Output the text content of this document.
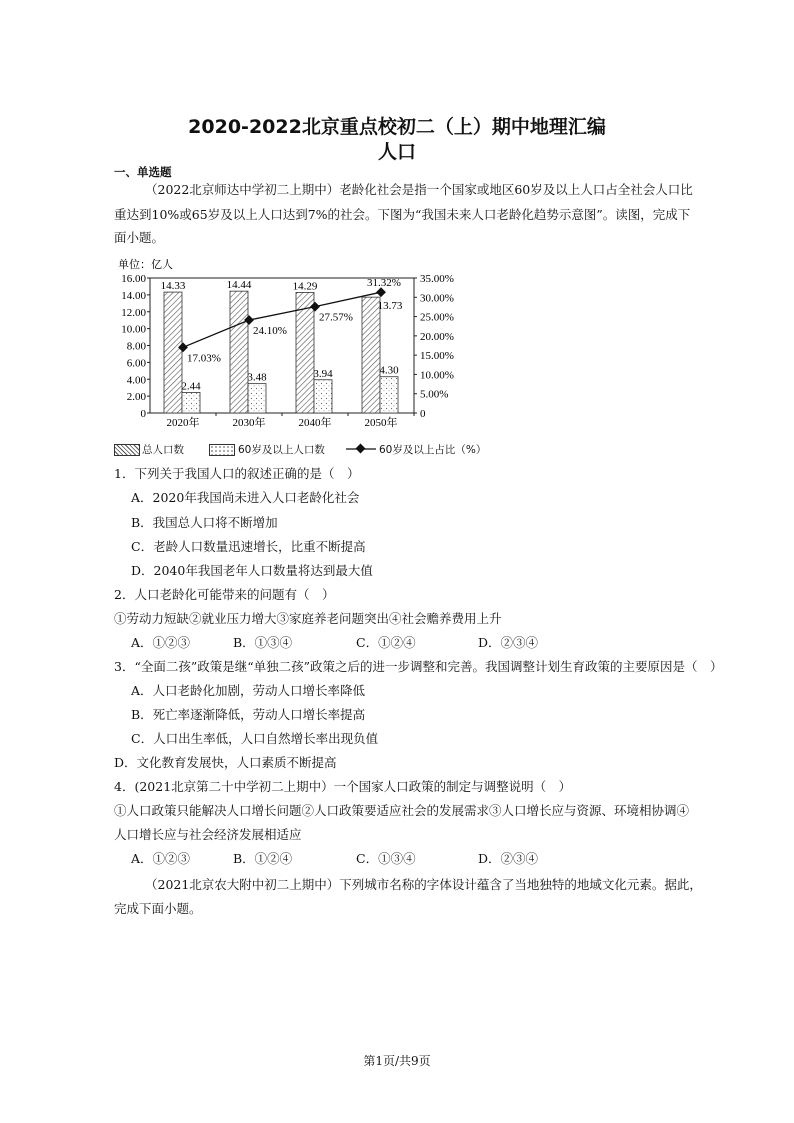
2020-2022北京重点校初二（上）期中地理汇编
人口
一、单选题
（2022北京师达中学初二上期中）老龄化社会是指一个国家或地区60岁及以上人口占全社会人口比
重达到10%或65岁及以上人口达到7%的社会。下图为“我国未来人口老龄化趋势示意图”。读图，完成下
面小题。
单位：亿人
0
2.00
4.00
6.00
8.00
10.00
12.00
14.00
16.00
0
5.00%
10.00%
15.00%
20.00%
25.00%
30.00%
35.00%
2020年
14.33
2.44
2030年
14.44
3.48
2040年
14.29
3.94
2050年
13.73
4.30
17.03%
24.10%
27.57%
31.32%
总人口数	60岁及以上人口数	60岁及以上占比（%）
1．下列关于我国人口的叙述正确的是（　）
A．2020年我国尚未进入人口老龄化社会
B．我国总人口将不断增加
C．老龄人口数量迅速增长，比重不断提高
D．2040年我国老年人口数量将达到最大值
2．人口老龄化可能带来的问题有（　）
①劳动力短缺②就业压力增大③家庭养老问题突出④社会赡养费用上升
A．①②③	B．①③④	C．①②④	D．②③④
3．“全面二孩”政策是继“单独二孩”政策之后的进一步调整和完善。我国调整计划生育政策的主要原因是（　）
A．人口老龄化加剧，劳动人口增长率降低
B．死亡率逐渐降低，劳动人口增长率提高
C．人口出生率低，人口自然增长率出现负值
D．文化教育发展快，人口素质不断提高
4．(2021北京第二十中学初二上期中）一个国家人口政策的制定与调整说明（　）
①人口政策只能解决人口增长问题②人口政策要适应社会的发展需求③人口增长应与资源、环境相协调④
人口增长应与社会经济发展相适应
A．①②③	B．①②④	C．①③④	D．②③④
（2021北京农大附中初二上期中）下列城市名称的字体设计蕴含了当地独特的地域文化元素。据此，
完成下面小题。
第1页/共9页
